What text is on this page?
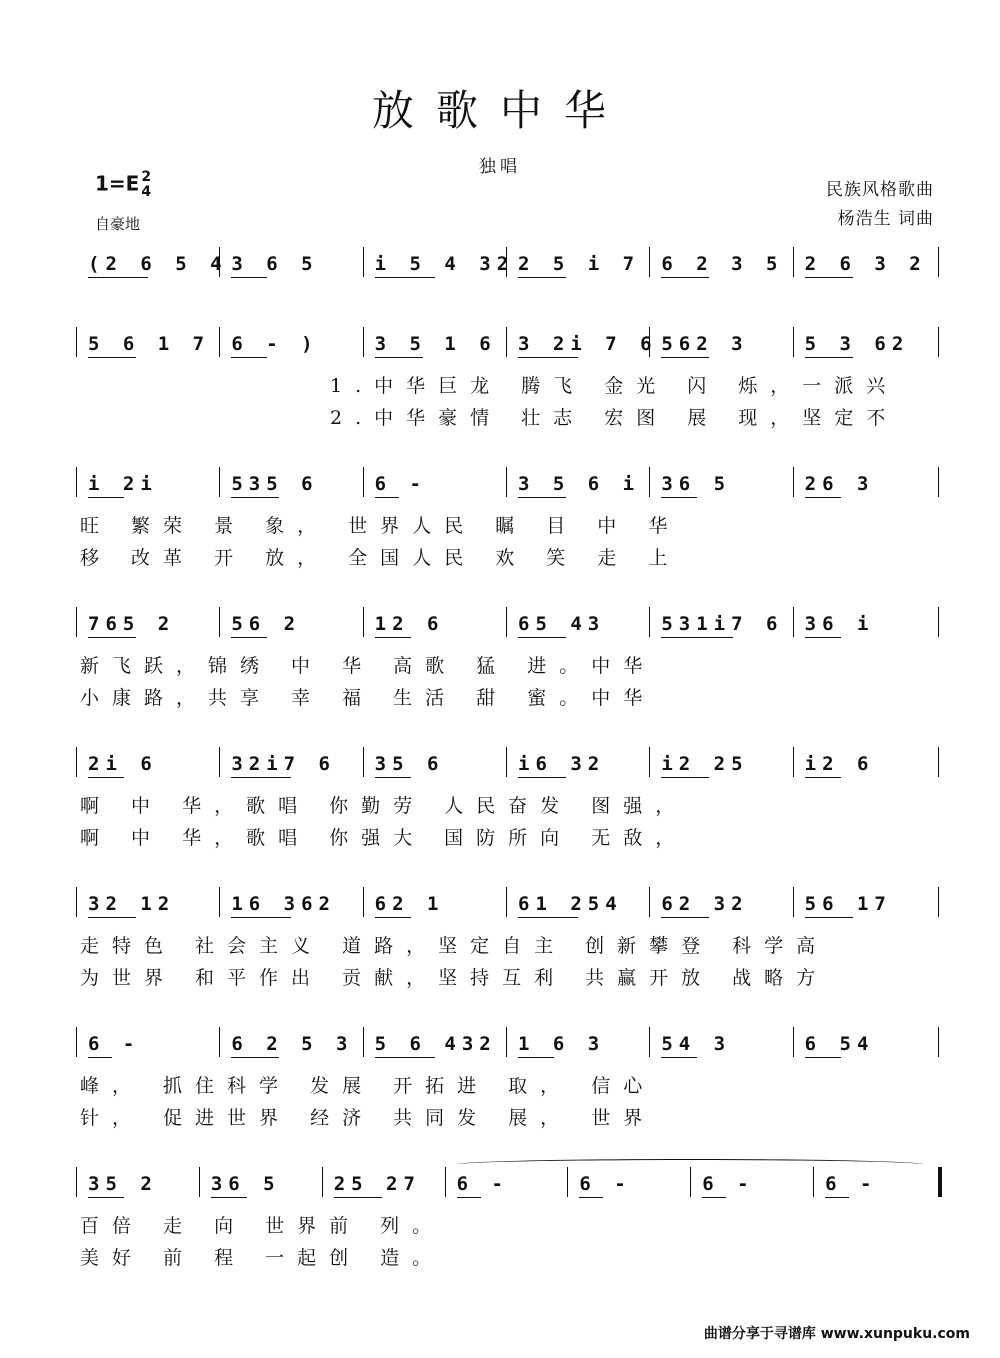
放歌中华
独唱
1=E 2
4
自豪地
民族风格歌曲
杨浩生 词曲
(2 6 5 4 3 6 5	i 5 4 32 2 5 i 7 6 2 3 5 2 6 3 2
5 6 1 7 6 - )	3 5 1 6 3 2i 7 6 562 3	5 3 62
1.中华巨龙 腾飞 金光 闪 烁，一派兴
2.中华豪情 壮志 宏图 展 现，坚定不
i 2i	535 6	6 -	3 5 6 i 36 5	26 3
旺 繁荣 景 象， 世界人民 瞩 目 中 华
移 改革 开 放， 全国人民 欢 笑 走 上
765 2	56 2	12 6	65 43	531i7 6 36 i
新飞跃，锦绣 中 华 高歌 猛 进。中华
小康路，共享 幸 福 生活 甜 蜜。中华
2i 6	32i7 6 35 6	i6 32	i2 25	i2 6
啊 中 华，歌唱 你勤劳 人民奋发 图强，
啊 中 华，歌唱 你强大 国防所向 无敌，
32 12	16 362 62 1	61 254 62 32	56 17
走特色 社会主义 道路，坚定自主 创新攀登 科学高
为世界 和平作出 贡献，坚持互利 共赢开放 战略方
6 -	6 2 5 3 5 6 432 1 6 3	54 3	6 54
峰， 抓住科学 发展 开拓进 取， 信心
针， 促进世界 经济 共同发 展， 世界
35 2	36 5	25 27 6 -	6 -	6 -	6 -
百倍 走 向 世界前 列。
美好 前 程 一起创 造。
曲谱分享于寻谱库 www.xunpuku.com
